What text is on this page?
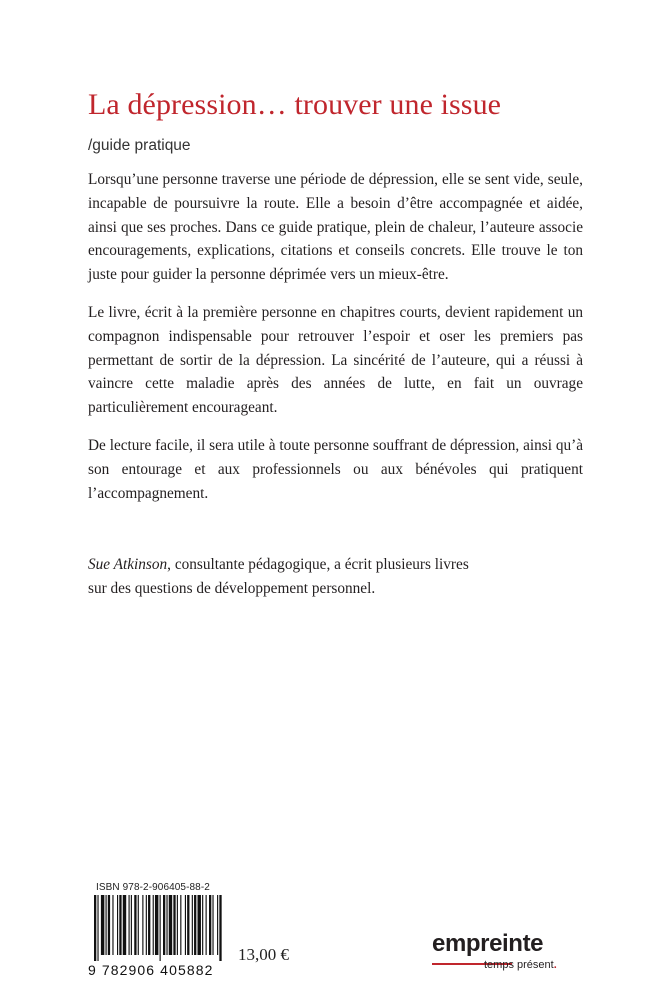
La dépression… trouver une issue
/guide pratique

Lorsqu’une personne traverse une période de dépression, elle se sent vide, seule, incapable de poursuivre la route. Elle a besoin d’être accompagnée et aidée, ainsi que ses proches. Dans ce guide pratique, plein de chaleur, l’auteure associe encouragements, explications, citations et conseils concrets. Elle trouve le ton juste pour guider la personne déprimée vers un mieux-être.

Le livre, écrit à la première personne en chapitres courts, devient rapidement un compagnon indispensable pour retrouver l’espoir et oser les premiers pas permettant de sortir de la dépression. La sincérité de l’auteure, qui a réussi à vaincre cette maladie après des années de lutte, en fait un ouvrage particulièrement encourageant.

De lecture facile, il sera utile à toute personne souffrant de dépression, ainsi qu’à son entourage et aux professionnels ou aux bénévoles qui pratiquent l’accompagnement.

Sue Atkinson, consultante pédagogique, a écrit plusieurs livres

sur des questions de développement personnel.

ISBN 978-2-906405-88-2
9 782906 405882
13,00 €	empreinte
temps présent.
